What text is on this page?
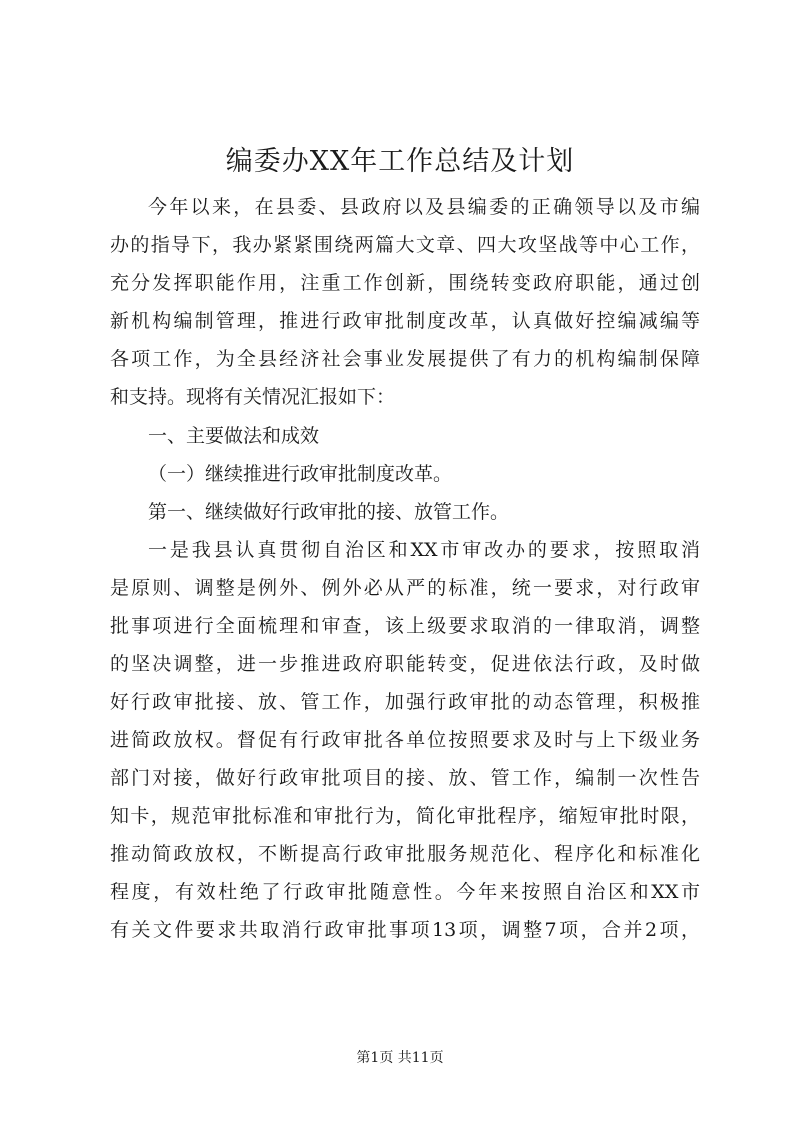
编委办XX年工作总结及计划
今年以来，在县委、县政府以及县编委的正确领导以及市编
办的指导下，我办紧紧围绕两篇大文章、四大攻坚战等中心工作，
充分发挥职能作用，注重工作创新，围绕转变政府职能，通过创
新机构编制管理，推进行政审批制度改革，认真做好控编减编等
各项工作，为全县经济社会事业发展提供了有力的机构编制保障
和支持。现将有关情况汇报如下：
一、主要做法和成效
（一）继续推进行政审批制度改革。
第一、继续做好行政审批的接、放管工作。
一是我县认真贯彻自治区和XX市审改办的要求，按照取消
是原则、调整是例外、例外必从严的标准，统一要求，对行政审
批事项进行全面梳理和审查，该上级要求取消的一律取消，调整
的坚决调整，进一步推进政府职能转变，促进依法行政，及时做
好行政审批接、放、管工作，加强行政审批的动态管理，积极推
进简政放权。督促有行政审批各单位按照要求及时与上下级业务
部门对接，做好行政审批项目的接、放、管工作，编制一次性告
知卡，规范审批标准和审批行为，简化审批程序，缩短审批时限，
推动简政放权，不断提高行政审批服务规范化、程序化和标准化
程度，有效杜绝了行政审批随意性。今年来按照自治区和XX市
有关文件要求共取消行政审批事项13项，调整7项，合并2项，
第1页 共11页
